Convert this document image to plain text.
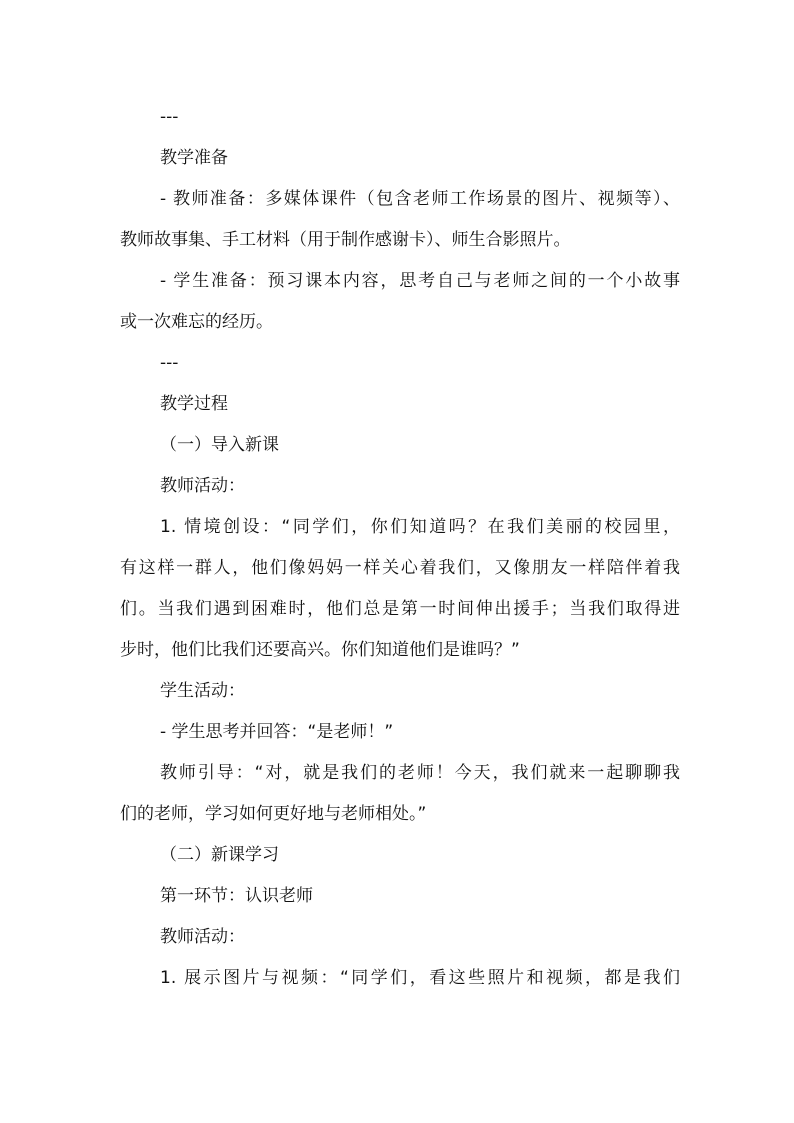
---
教学准备
- 教师准备：多媒体课件（包含老师工作场景的图片、视频等）、
教师故事集、手工材料（用于制作感谢卡）、师生合影照片。
- 学生准备：预习课本内容，思考自己与老师之间的一个小故事
或一次难忘的经历。
---
教学过程
（一）导入新课
教师活动：
1. 情境创设：“同学们，你们知道吗？在我们美丽的校园里，
有这样一群人，他们像妈妈一样关心着我们，又像朋友一样陪伴着我
们。当我们遇到困难时，他们总是第一时间伸出援手；当我们取得进
步时，他们比我们还要高兴。你们知道他们是谁吗？”
学生活动：
- 学生思考并回答：“是老师！”
教师引导：“对，就是我们的老师！今天，我们就来一起聊聊我
们的老师，学习如何更好地与老师相处。”
（二）新课学习
第一环节：认识老师
教师活动：
1. 展示图片与视频：“同学们，看这些照片和视频，都是我们
